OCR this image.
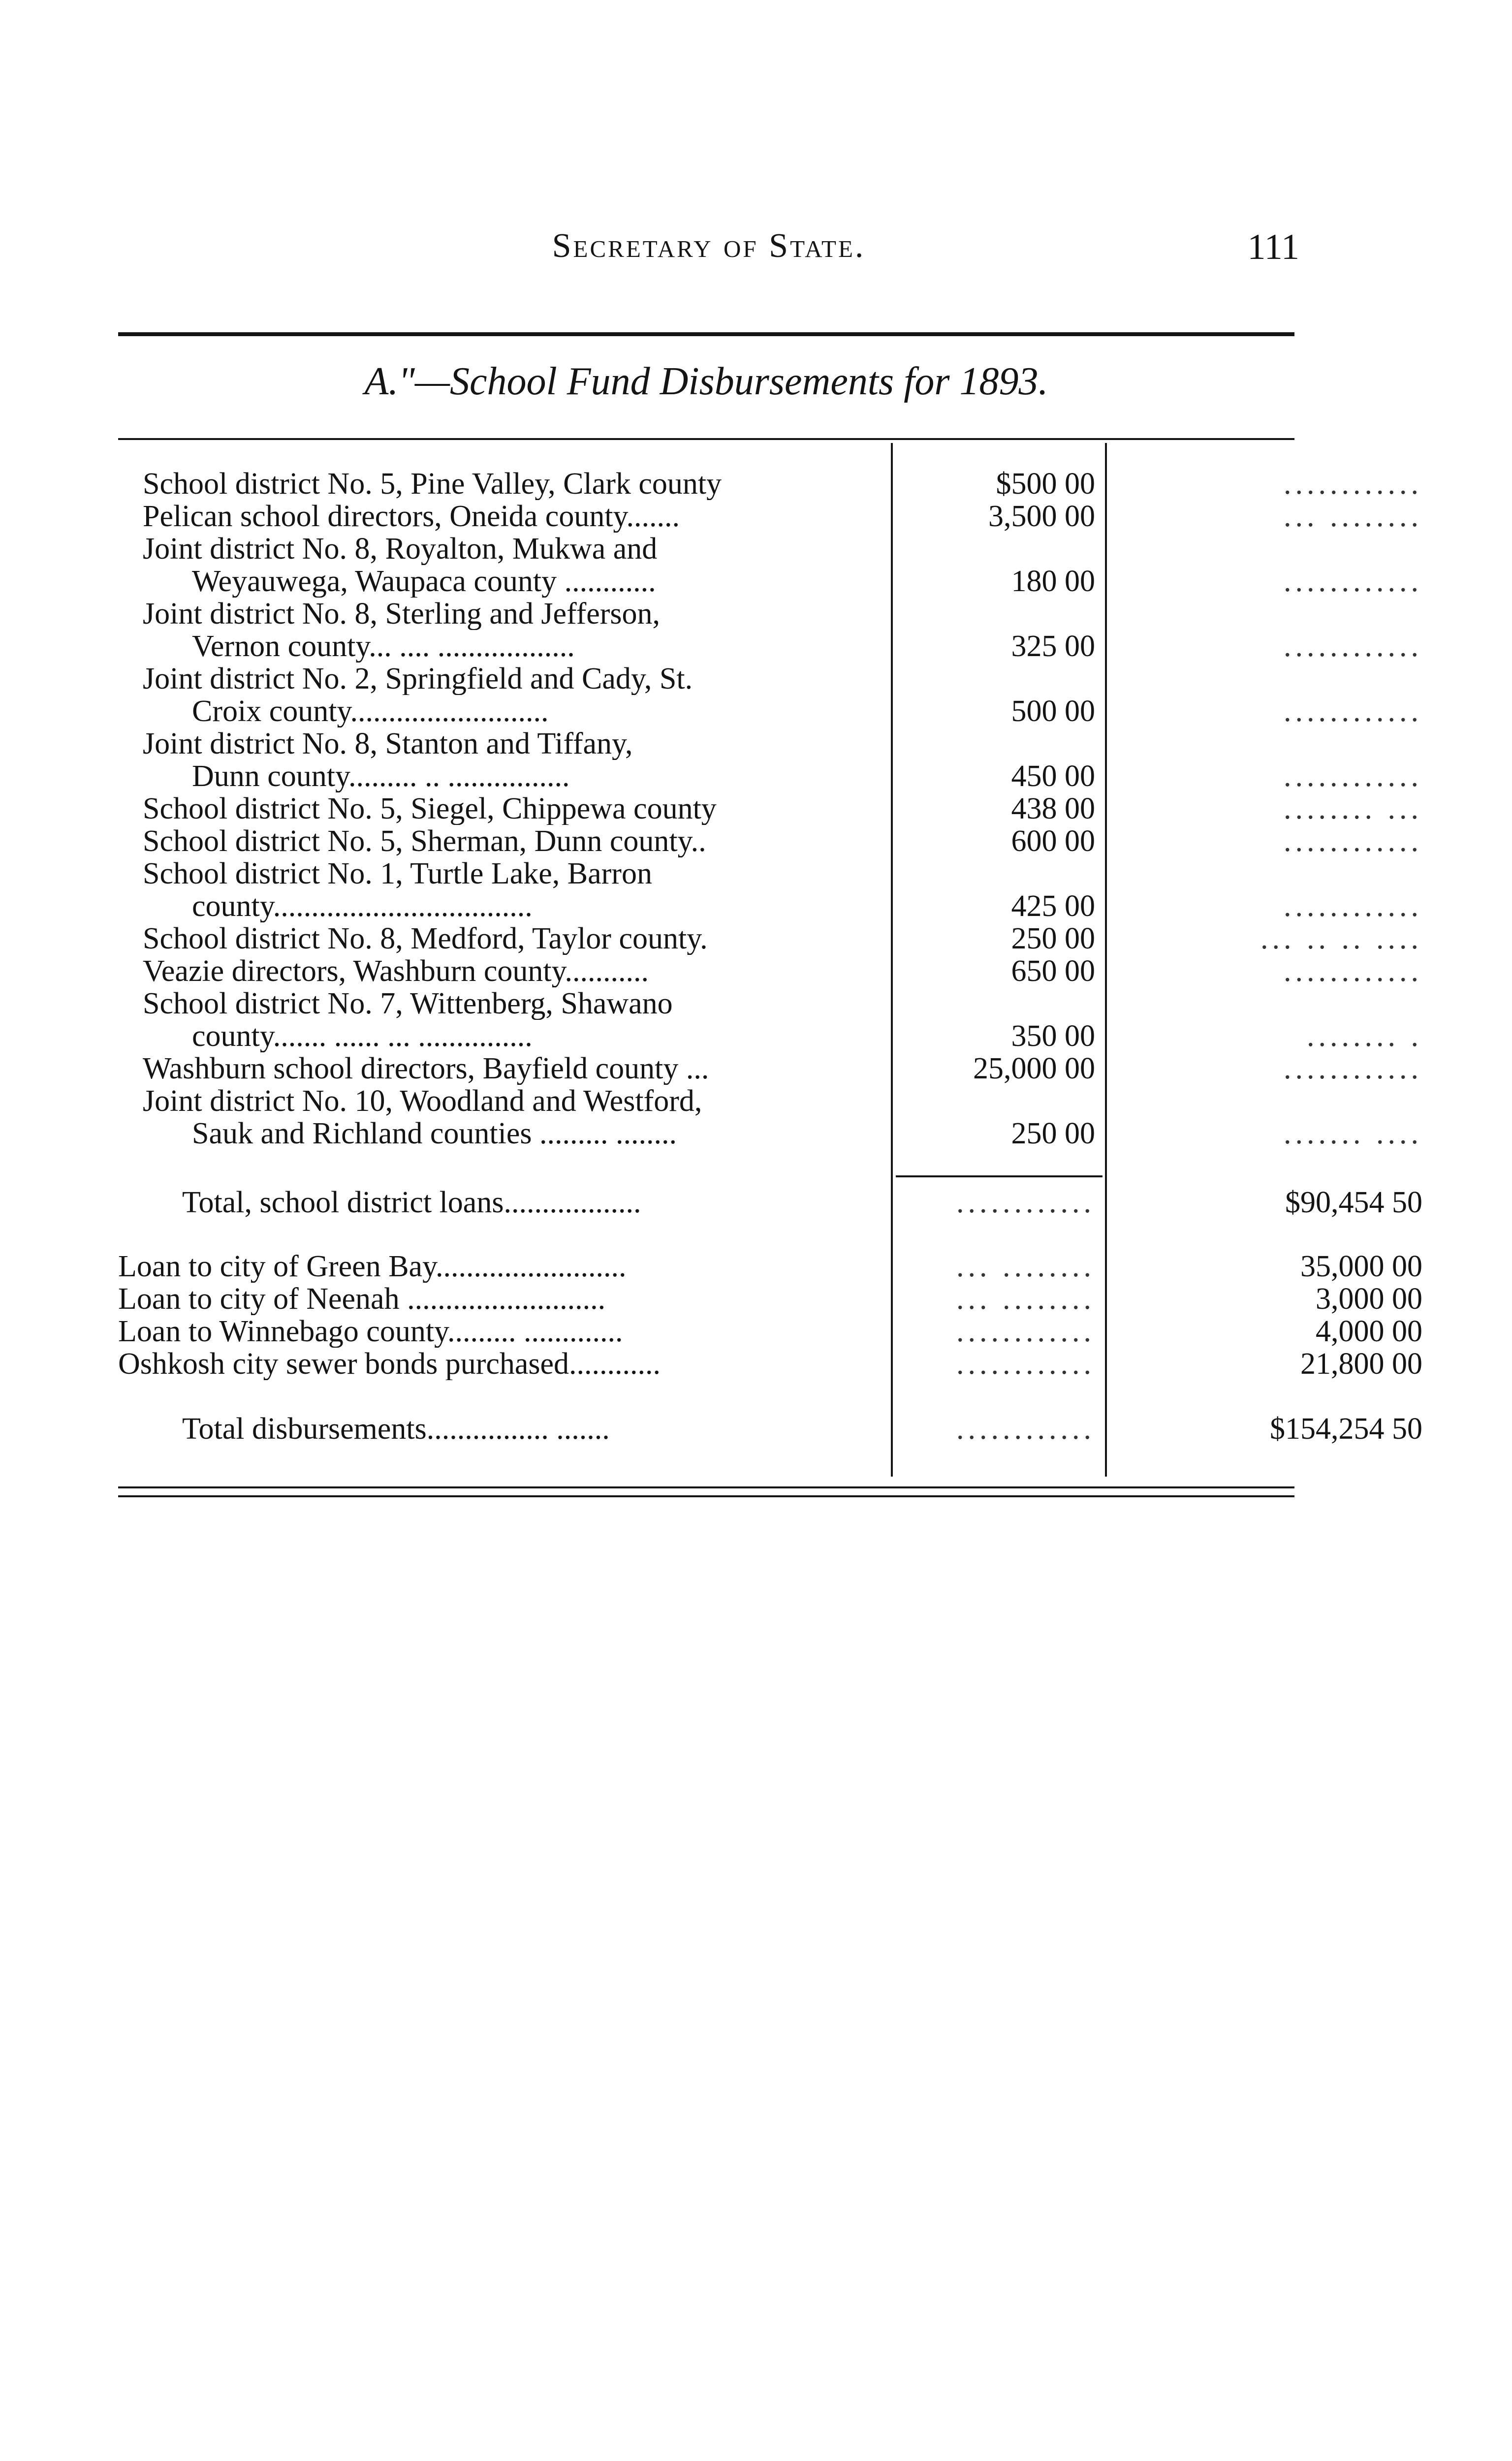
Secretary of State.	111
A."—School Fund Disbursements for 1893.
School district No. 5, Pine Valley, Clark county	$500 00	............
Pelican school directors, Oneida county.......	3,500 00	... ........
Joint district No. 8, Royalton, Mukwa and
Weyauwega, Waupaca county ............	180 00	............
Joint district No. 8, Sterling and Jefferson,
Vernon county... .... ..................	325 00	............
Joint district No. 2, Springfield and Cady, St.
Croix county..........................	500 00	............
Joint district No. 8, Stanton and Tiffany,
Dunn county......... .. ................	450 00	............
School district No. 5, Siegel, Chippewa county	438 00	........ ...
School district No. 5, Sherman, Dunn county..	600 00	............
School district No. 1, Turtle Lake, Barron
county..................................	425 00	............
School district No. 8, Medford, Taylor county.	250 00	... .. .. ....
Veazie directors, Washburn county...........	650 00	............
School district No. 7, Wittenberg, Shawano
county....... ...... ... ...............	350 00	........ .
Washburn school directors, Bayfield county ...	25,000 00	............
Joint district No. 10, Woodland and Westford,
Sauk and Richland counties ......... ........	250 00	....... ....
Total, school district loans..................	............	$90,454 50
Loan to city of Green Bay.........................	... ........	35,000 00
Loan to city of Neenah ..........................	... ........	3,000 00
Loan to Winnebago county......... .............	............	4,000 00
Oshkosh city sewer bonds purchased............	............	21,800 00
Total disbursements................ .......	............	$154,254 50
